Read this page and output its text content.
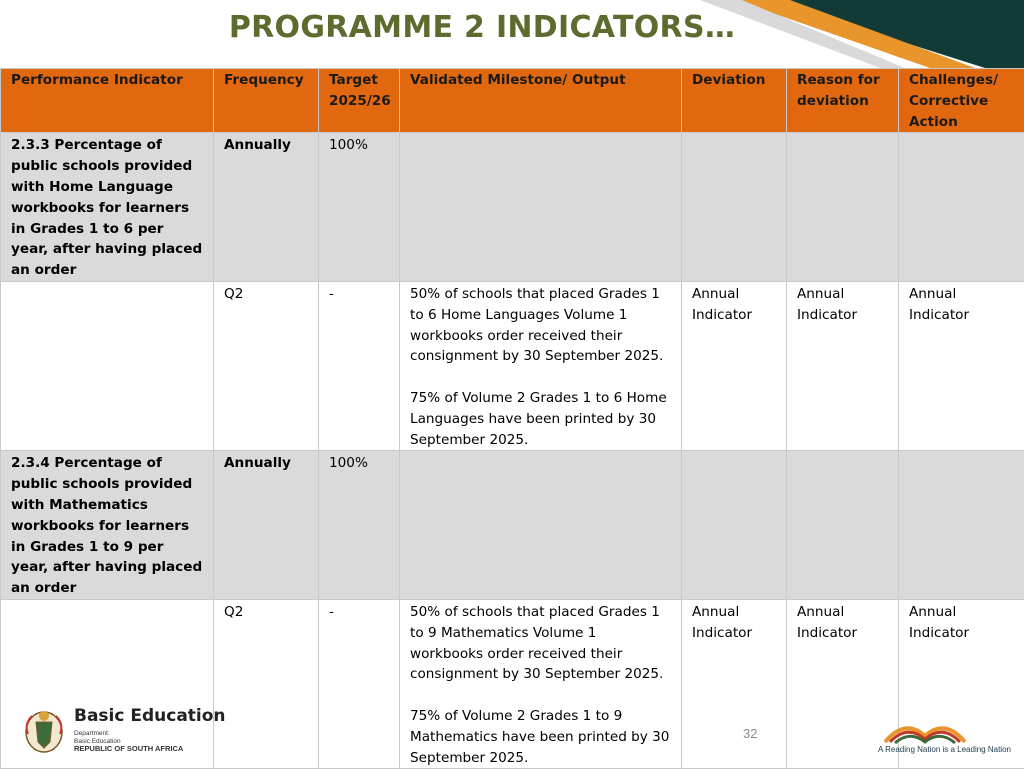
PROGRAMME 2 INDICATORS…
Performance Indicator	Frequency	Target 2025/26	Validated Milestone/ Output	Deviation	Reason for deviation	Challenges/ Corrective Action
2.3.3 Percentage of public schools provided with Home Language workbooks for learners in Grades 1 to 6 per year, after having placed an order	Annually	100%				
	Q2	-	50% of schools that placed Grades 1 to 6 Home Languages Volume 1 workbooks order received their consignment by 30 September 2025.
75% of Volume 2 Grades 1 to 6 Home Languages have been printed by 30 September 2025.	Annual Indicator	Annual Indicator	Annual Indicator
2.3.4 Percentage of public schools provided with Mathematics workbooks for learners in Grades 1 to 9 per year, after having placed an order	Annually	100%				
	Q2	-	50% of schools that placed Grades 1 to 9 Mathematics Volume 1 workbooks order received their consignment by 30 September 2025.
75% of Volume 2 Grades 1 to 9 Mathematics have been printed by 30 September 2025.	Annual Indicator	Annual Indicator	Annual Indicator
Basic Education
Department:
Basic Education
REPUBLIC OF SOUTH AFRICA
32
A Reading Nation is a Leading Nation
